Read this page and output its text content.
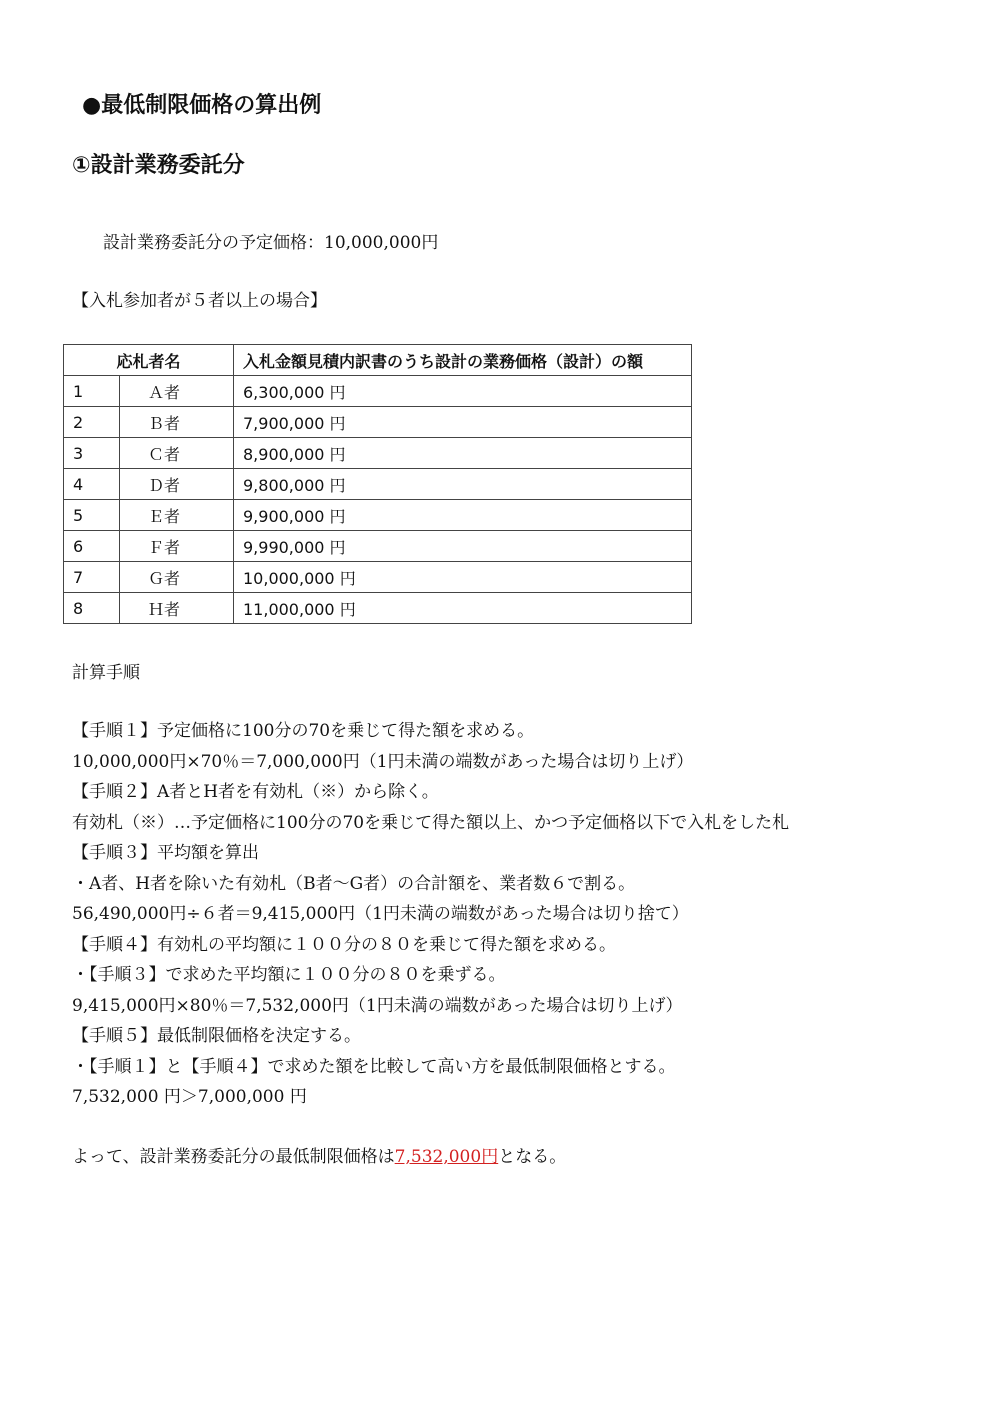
●最低制限価格の算出例
①設計業務委託分
設計業務委託分の予定価格：10,000,000円
【入札参加者が５者以上の場合】
応札者名		入札金額見積内訳書のうち設計の業務価格（設計）の額
1	Ａ者	6,300,000 円
2	Ｂ者	7,900,000 円
3	Ｃ者	8,900,000 円
4	Ｄ者	9,800,000 円
5	Ｅ者	9,900,000 円
6	Ｆ者	9,990,000 円
7	Ｇ者	10,000,000 円
8	Ｈ者	11,000,000 円
計算手順
【手順１】予定価格に100分の70を乗じて得た額を求める。
10,000,000円×70％＝7,000,000円（1円未満の端数があった場合は切り上げ）
【手順２】A者とH者を有効札（※）から除く。
有効札（※）…予定価格に100分の70を乗じて得た額以上、かつ予定価格以下で入札をした札
【手順３】平均額を算出
・A者、H者を除いた有効札（B者〜G者）の合計額を、業者数６で割る。
56,490,000円÷６者＝9,415,000円（1円未満の端数があった場合は切り捨て）
【手順４】有効札の平均額に１００分の８０を乗じて得た額を求める。
・【手順３】で求めた平均額に１００分の８０を乗ずる。
9,415,000円×80％＝7,532,000円（1円未満の端数があった場合は切り上げ）
【手順５】最低制限価格を決定する。
・【手順１】と【手順４】で求めた額を比較して高い方を最低制限価格とする。
7,532,000 円＞7,000,000 円
よって、設計業務委託分の最低制限価格は7,532,000円となる。
